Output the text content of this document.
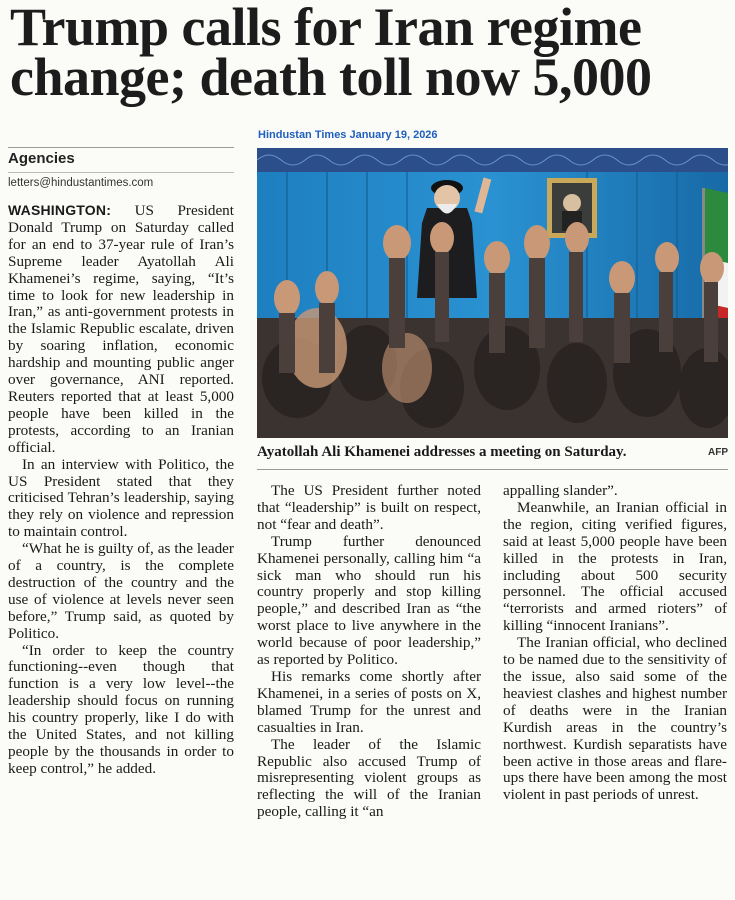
Trump calls for Iran regime change; death toll now 5,000
Hindustan Times January 19, 2026
Agencies
letters@hindustantimes.com

WASHINGTON: US President Donald Trump on Saturday called for an end to 37-year rule of Iran’s Supreme leader Ayatollah Ali Khamenei’s regime, saying, “It’s time to look for new leadership in Iran,” as anti-government protests in the Islamic Republic escalate, driven by soaring inflation, economic hardship and mounting public anger over governance, ANI reported. Reuters reported that at least 5,000 people have been killed in the protests, according to an Iranian official.

In an interview with Politico, the US President stated that they criticised Tehran’s leadership, saying they rely on violence and repression to maintain control.

“What he is guilty of, as the leader of a country, is the complete destruction of the country and the use of violence at levels never seen before,” Trump said, as quoted by Politico.

“In order to keep the country functioning--even though that function is a very low level--the leadership should focus on running his country properly, like I do with the United States, and not killing people by the thousands in order to keep control,” he added.

Ayatollah Ali Khamenei addresses a meeting on Saturday.	AFP

The US President further noted that “leadership” is built on respect, not “fear and death”.

Trump further denounced Khamenei personally, calling him “a sick man who should run his country properly and stop killing people,” and described Iran as “the worst place to live anywhere in the world because of poor leadership,” as reported by Politico.

His remarks come shortly after Khamenei, in a series of posts on X, blamed Trump for the unrest and casualties in Iran.

The leader of the Islamic Republic also accused Trump of misrepresenting violent groups as reflecting the will of the Iranian people, calling it “an

appalling slander”.

Meanwhile, an Iranian official in the region, citing verified figures, said at least 5,000 people have been killed in the protests in Iran, including about 500 security personnel. The official accused “terrorists and armed rioters” of killing “innocent Iranians”.

The Iranian official, who declined to be named due to the sensitivity of the issue, also said some of the heaviest clashes and highest number of deaths were in the Iranian Kurdish areas in the country’s northwest. Kurdish separatists have been active in those areas and flare-ups there have been among the most violent in past periods of unrest.
